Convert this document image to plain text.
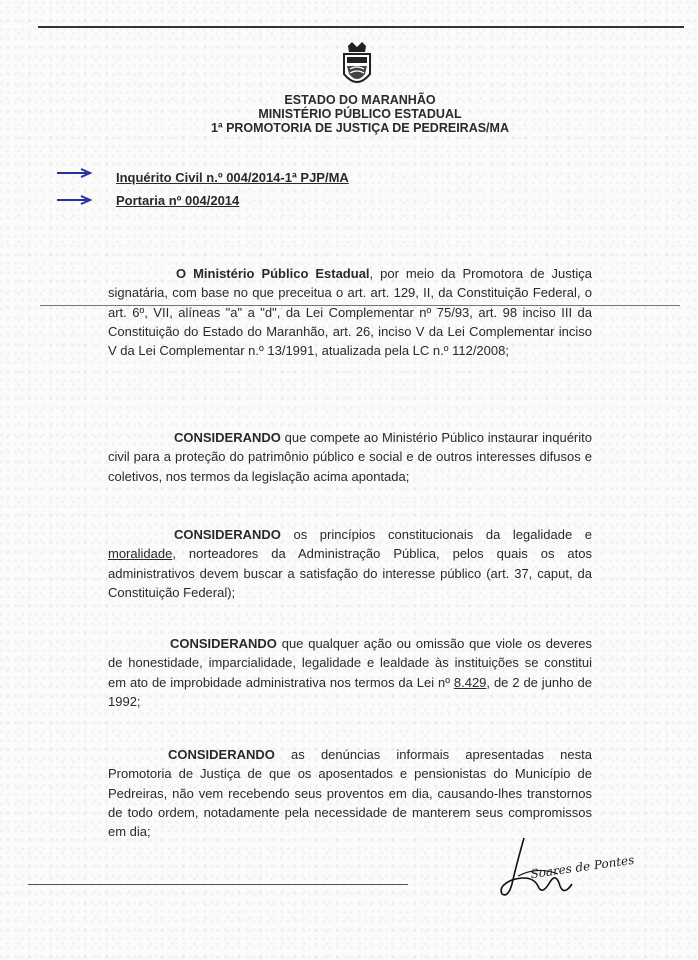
ESTADO DO MARANHÃO
MINISTÉRIO PÚBLICO ESTADUAL
1ª PROMOTORIA DE JUSTIÇA DE PEDREIRAS/MA
Inquérito Civil n.º 004/2014-1ª PJP/MA
Portaria nº 004/2014
O Ministério Público Estadual, por meio da Promotora de Justiça signatária, com base no que preceitua o art. art. 129, II, da Constituição Federal, o art. 6º, VII, alíneas "a" a "d", da Lei Complementar nº 75/93, art. 98 inciso III da Constituição do Estado do Maranhão, art. 26, inciso V da Lei Complementar inciso V da Lei Complementar n.º 13/1991, atualizada pela LC n.º 112/2008;
CONSIDERANDO que compete ao Ministério Público instaurar inquérito civil para a proteção do patrimônio público e social e de outros interesses difusos e coletivos, nos termos da legislação acima apontada;
CONSIDERANDO os princípios constitucionais da legalidade e moralidade, norteadores da Administração Pública, pelos quais os atos administrativos devem buscar a satisfação do interesse público (art. 37, caput, da Constituição Federal);
CONSIDERANDO que qualquer ação ou omissão que viole os deveres de honestidade, imparcialidade, legalidade e lealdade às instituições se constitui em ato de improbidade administrativa nos termos da Lei nº 8.429, de 2 de junho de 1992;
CONSIDERANDO as denúncias informais apresentadas nesta Promotoria de Justiça de que os aposentados e pensionistas do Município de Pedreiras, não vem recebendo seus proventos em dia, causando-lhes transtornos de todo ordem, notadamente pela necessidade de manterem seus compromissos em dia;
Soares de Pontes
